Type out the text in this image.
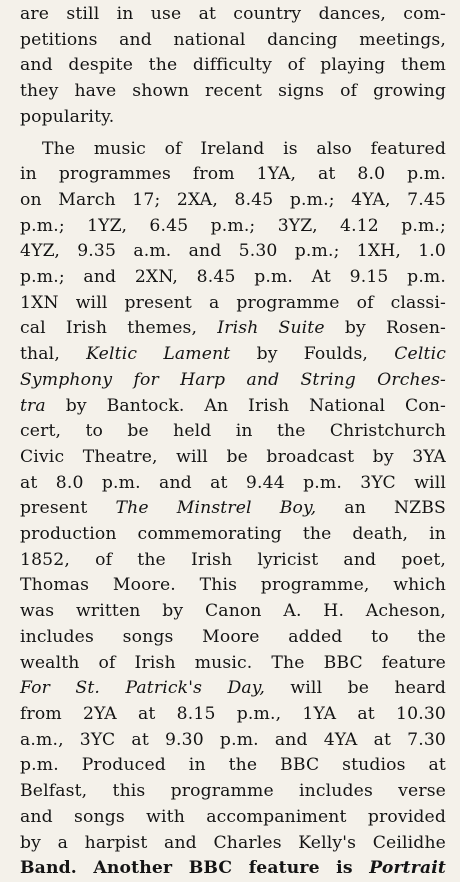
are still in use at country dances, com-
petitions and national dancing meetings,
and despite the difficulty of playing them
they have shown recent signs of growing
popularity.

The music of Ireland is also featured
in programmes from 1YA, at 8.0 p.m.
on March 17; 2XA, 8.45 p.m.; 4YA, 7.45
p.m.; 1YZ, 6.45 p.m.; 3YZ, 4.12 p.m.;
4YZ, 9.35 a.m. and 5.30 p.m.; 1XH, 1.0
p.m.; and 2XN, 8.45 p.m. At 9.15 p.m.
1XN will present a programme of classi-
cal Irish themes, Irish Suite by Rosen-
thal, Keltic Lament by Foulds, Celtic
Symphony for Harp and String Orches-
tra by Bantock. An Irish National Con-
cert, to be held in the Christchurch
Civic Theatre, will be broadcast by 3YA
at 8.0 p.m. and at 9.44 p.m. 3YC will
present The Minstrel Boy, an NZBS
production commemorating the death, in
1852, of the Irish lyricist and poet,
Thomas Moore. This programme, which
was written by Canon A. H. Acheson,
includes songs Moore added to the
wealth of Irish music. The BBC feature
For St. Patrick's Day, will be heard
from 2YA at 8.15 p.m., 1YA at 10.30
a.m., 3YC at 9.30 p.m. and 4YA at 7.30
p.m. Produced in the BBC studios at
Belfast, this programme includes verse
and songs with accompaniment provided
by a harpist and Charles Kelly's Ceilidhe
Band. Another BBC feature is Portrait
